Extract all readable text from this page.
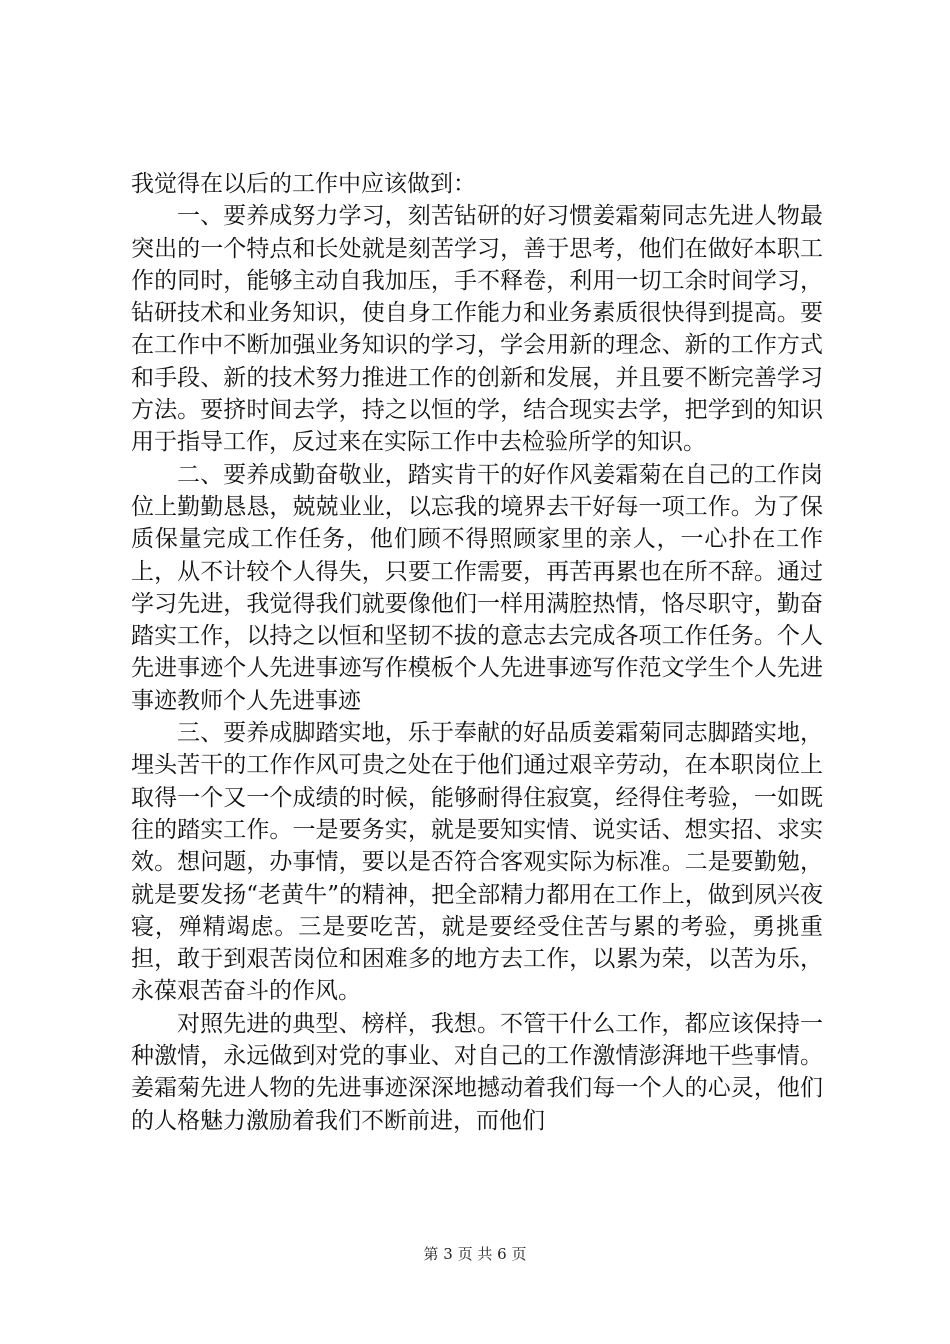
我觉得在以后的工作中应该做到：

一、要养成努力学习，刻苦钻研的好习惯姜霜菊同志先进人物最突出的一个特点和长处就是刻苦学习，善于思考，他们在做好本职工作的同时，能够主动自我加压，手不释卷，利用一切工余时间学习，钻研技术和业务知识，使自身工作能力和业务素质很快得到提高。要在工作中不断加强业务知识的学习，学会用新的理念、新的工作方式和手段、新的技术努力推进工作的创新和发展，并且要不断完善学习方法。要挤时间去学，持之以恒的学，结合现实去学，把学到的知识用于指导工作，反过来在实际工作中去检验所学的知识。

二、要养成勤奋敬业，踏实肯干的好作风姜霜菊在自己的工作岗位上勤勤恳恳，兢兢业业，以忘我的境界去干好每一项工作。为了保质保量完成工作任务，他们顾不得照顾家里的亲人，一心扑在工作上，从不计较个人得失，只要工作需要，再苦再累也在所不辞。通过学习先进，我觉得我们就要像他们一样用满腔热情，恪尽职守，勤奋踏实工作，以持之以恒和坚韧不拔的意志去完成各项工作任务。个人先进事迹个人先进事迹写作模板个人先进事迹写作范文学生个人先进事迹教师个人先进事迹

三、要养成脚踏实地，乐于奉献的好品质姜霜菊同志脚踏实地，埋头苦干的工作作风可贵之处在于他们通过艰辛劳动，在本职岗位上取得一个又一个成绩的时候，能够耐得住寂寞，经得住考验，一如既往的踏实工作。一是要务实，就是要知实情、说实话、想实招、求实效。想问题，办事情，要以是否符合客观实际为标准。二是要勤勉，就是要发扬“老黄牛”的精神，把全部精力都用在工作上，做到夙兴夜寝，殚精竭虑。三是要吃苦，就是要经受住苦与累的考验，勇挑重担，敢于到艰苦岗位和困难多的地方去工作，以累为荣，以苦为乐，永葆艰苦奋斗的作风。

对照先进的典型、榜样，我想。不管干什么工作，都应该保持一种激情，永远做到对党的事业、对自己的工作激情澎湃地干些事情。姜霜菊先进人物的先进事迹深深地撼动着我们每一个人的心灵，他们的人格魅力激励着我们不断前进，而他们

第 3 页 共 6 页
